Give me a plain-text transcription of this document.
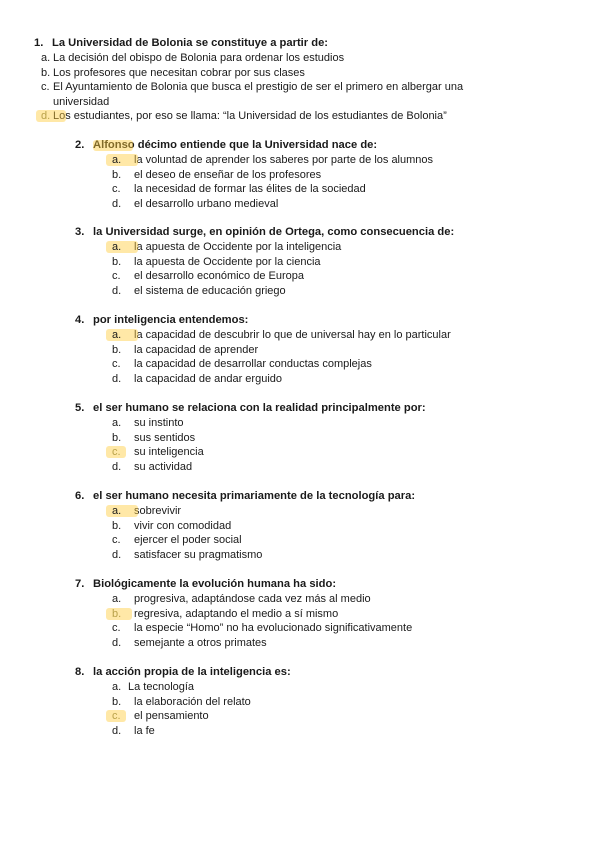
1. La Universidad de Bolonia se constituye a partir de:
a. La decisión del obispo de Bolonia para ordenar los estudios
b. Los profesores que necesitan cobrar por sus clases
c. El Ayuntamiento de Bolonia que busca el prestigio de ser el primero en albergar una
universidad
d. Los estudiantes, por eso se llama: “la Universidad de los estudiantes de Bolonia”
2. Alfonso décimo entiende que la Universidad nace de:
a. la voluntad de aprender los saberes por parte de los alumnos
b. el deseo de enseñar de los profesores
c. la necesidad de formar las élites de la sociedad
d. el desarrollo urbano medieval
3. la Universidad surge, en opinión de Ortega, como consecuencia de:
a. la apuesta de Occidente por la inteligencia
b. la apuesta de Occidente por la ciencia
c. el desarrollo económico de Europa
d. el sistema de educación griego
4. por inteligencia entendemos:
a. la capacidad de descubrir lo que de universal hay en lo particular
b. la capacidad de aprender
c. la capacidad de desarrollar conductas complejas
d. la capacidad de andar erguido
5. el ser humano se relaciona con la realidad principalmente por:
a. su instinto
b. sus sentidos
c. su inteligencia
d. su actividad
6. el ser humano necesita primariamente de la tecnología para:
a. sobrevivir
b. vivir con comodidad
c. ejercer el poder social
d. satisfacer su pragmatismo
7. Biológicamente la evolución humana ha sido:
a. progresiva, adaptándose cada vez más al medio
b. regresiva, adaptando el medio a sí mismo
c. la especie “Homo” no ha evolucionado significativamente
d. semejante a otros primates
8. la acción propia de la inteligencia es:
a. La tecnología
b. la elaboración del relato
c. el pensamiento
d. la fe
